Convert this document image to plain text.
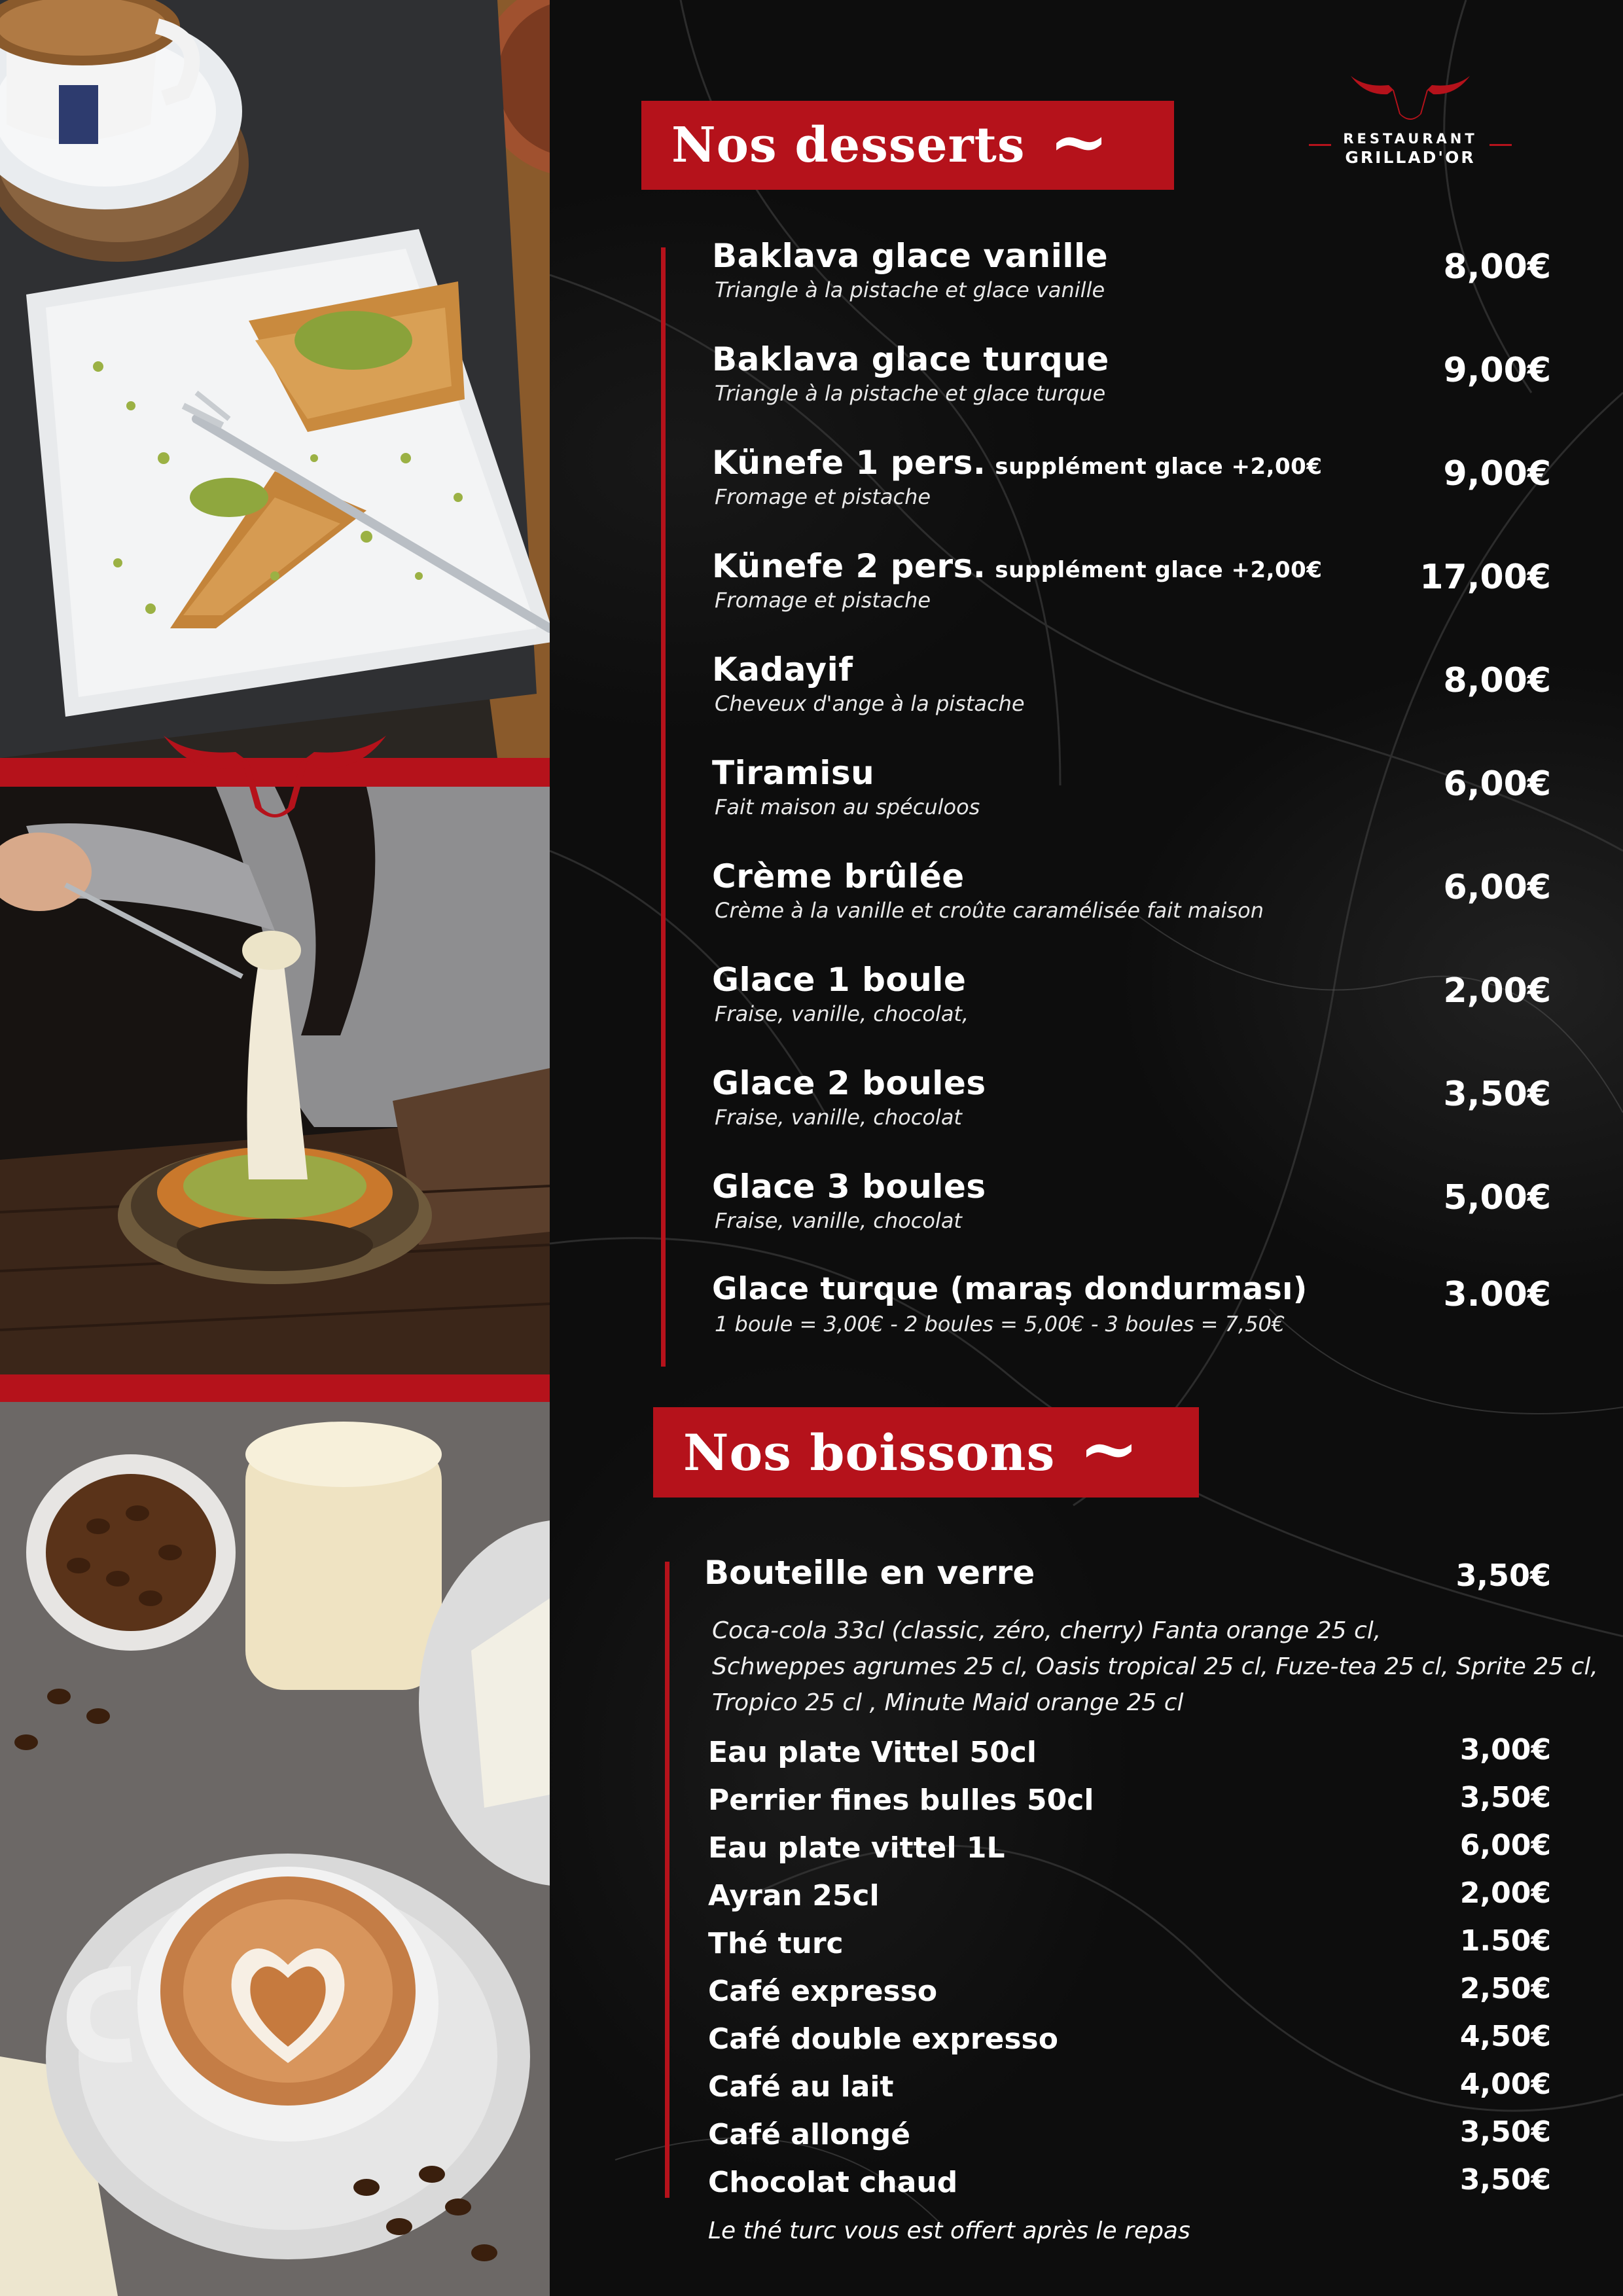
RESTAURANT
GRILLAD'OR
Nos desserts ~
Baklava glace vanille
Triangle à la pistache et glace vanille
8,00€
Baklava glace turque
Triangle à la pistache et glace turque
9,00€
Künefe 1 pers. supplément glace +2,00€
Fromage et pistache
9,00€
Künefe 2 pers. supplément glace +2,00€
Fromage et pistache
17,00€
Kadayif
Cheveux d'ange à la pistache
8,00€
Tiramisu
Fait maison au spéculoos
6,00€
Crème brûlée
Crème à la vanille et croûte caramélisée fait maison
6,00€
Glace 1 boule
Fraise, vanille, chocolat,
2,00€
Glace 2 boules
Fraise, vanille, chocolat
3,50€
Glace 3 boules
Fraise, vanille, chocolat
5,00€
Glace turque (maraş dondurması)
1 boule = 3,00€ - 2 boules = 5,00€ - 3 boules = 7,50€
3.00€
Nos boissons ~
Bouteille en verre	3,50€
Coca-cola 33cl (classic, zéro, cherry) Fanta orange 25 cl,
Schweppes agrumes 25 cl, Oasis tropical 25 cl, Fuze-tea 25 cl, Sprite 25 cl,
Tropico 25 cl , Minute Maid orange 25 cl
Eau plate Vittel 50cl	3,00€
Perrier fines bulles 50cl	3,50€
Eau plate vittel 1L	6,00€
Ayran 25cl	2,00€
Thé turc	1.50€
Café expresso	2,50€
Café double expresso	4,50€
Café au lait	4,00€
Café allongé	3,50€
Chocolat chaud	3,50€
Le thé turc vous est offert après le repas
